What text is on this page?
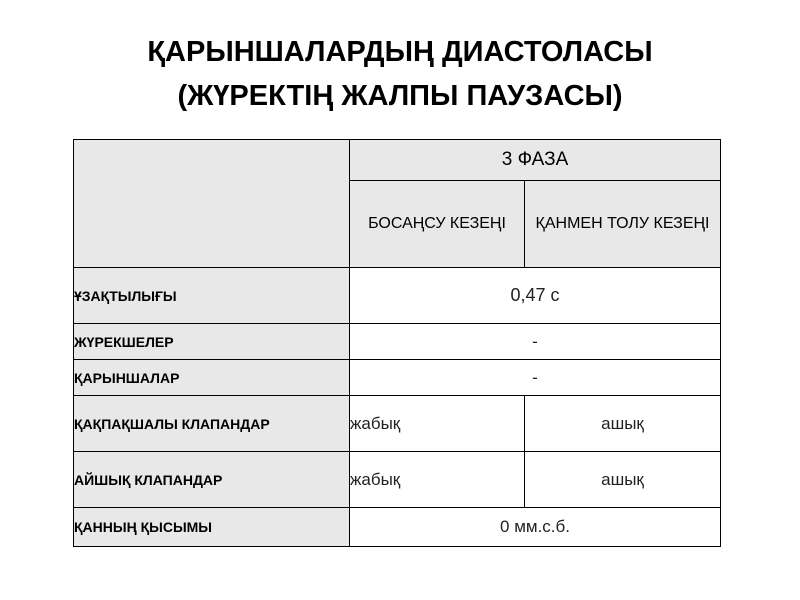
ҚАРЫНШАЛАРДЫҢ ДИАСТОЛАСЫ
(ЖҮРЕКТІҢ ЖАЛПЫ ПАУЗАСЫ)
	3 ФАЗА	
	БОСАҢСУ КЕЗЕҢІ	ҚАНМЕН ТОЛУ КЕЗЕҢІ
ҰЗАҚТЫЛЫҒЫ	0,47 с	
ЖҮРЕКШЕЛЕР	-	
ҚАРЫНШАЛАР	-	
ҚАҚПАҚШАЛЫ КЛАПАНДАР	жабық	ашық
АЙШЫҚ КЛАПАНДАР	жабық	ашық
ҚАННЫҢ ҚЫСЫМЫ	0 мм.с.б.	
